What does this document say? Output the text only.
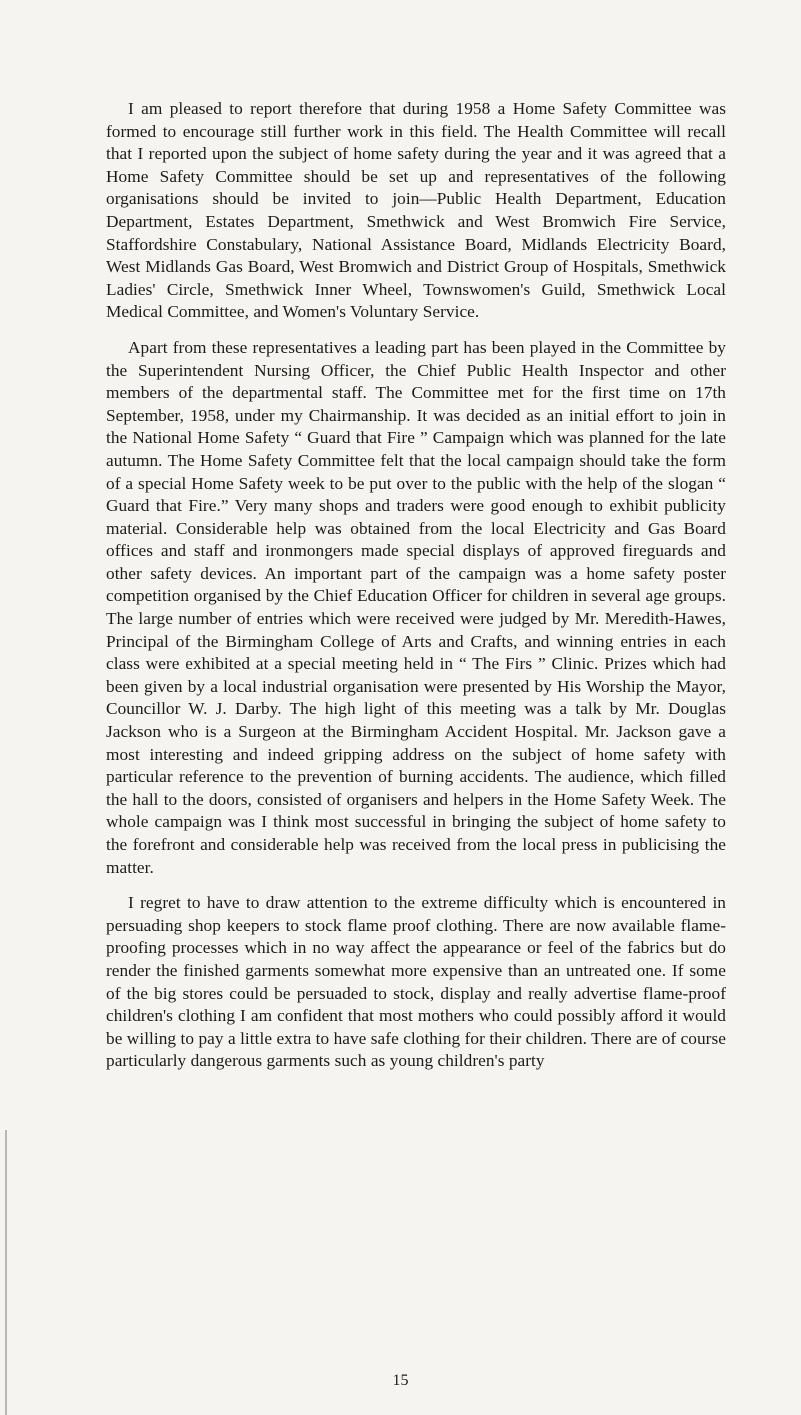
I am pleased to report therefore that during 1958 a Home Safety Committee was formed to encourage still further work in this field. The Health Committee will recall that I reported upon the subject of home safety during the year and it was agreed that a Home Safety Committee should be set up and representatives of the following organisations should be invited to join—Public Health Department, Education Department, Estates Department, Smethwick and West Bromwich Fire Service, Staffordshire Constabulary, National Assistance Board, Midlands Electricity Board, West Midlands Gas Board, West Bromwich and District Group of Hospitals, Smethwick Ladies' Circle, Smethwick Inner Wheel, Townswomen's Guild, Smethwick Local Medical Committee, and Women's Voluntary Service.

Apart from these representatives a leading part has been played in the Committee by the Superintendent Nursing Officer, the Chief Public Health Inspector and other members of the departmental staff. The Committee met for the first time on 17th September, 1958, under my Chairmanship. It was decided as an initial effort to join in the National Home Safety “ Guard that Fire ” Campaign which was planned for the late autumn. The Home Safety Committee felt that the local campaign should take the form of a special Home Safety week to be put over to the public with the help of the slogan “ Guard that Fire.” Very many shops and traders were good enough to exhibit publicity material. Considerable help was obtained from the local Electricity and Gas Board offices and staff and ironmongers made special displays of approved fireguards and other safety devices. An important part of the campaign was a home safety poster competition organised by the Chief Education Officer for children in several age groups. The large number of entries which were received were judged by Mr. Meredith-Hawes, Principal of the Birmingham College of Arts and Crafts, and winning entries in each class were exhibited at a special meeting held in “ The Firs ” Clinic. Prizes which had been given by a local industrial organisation were presented by His Worship the Mayor, Councillor W. J. Darby. The high light of this meeting was a talk by Mr. Douglas Jackson who is a Surgeon at the Birmingham Accident Hospital. Mr. Jackson gave a most interesting and indeed gripping address on the subject of home safety with particular reference to the prevention of burning accidents. The audience, which filled the hall to the doors, consisted of organisers and helpers in the Home Safety Week. The whole campaign was I think most successful in bringing the subject of home safety to the forefront and considerable help was received from the local press in publicising the matter.

I regret to have to draw attention to the extreme difficulty which is encountered in persuading shop keepers to stock flame proof clothing. There are now available flame-proofing processes which in no way affect the appearance or feel of the fabrics but do render the finished garments somewhat more expensive than an untreated one. If some of the big stores could be persuaded to stock, display and really advertise flame-proof children's clothing I am confident that most mothers who could possibly afford it would be willing to pay a little extra to have safe clothing for their children. There are of course particularly dangerous garments such as young children's party

15
